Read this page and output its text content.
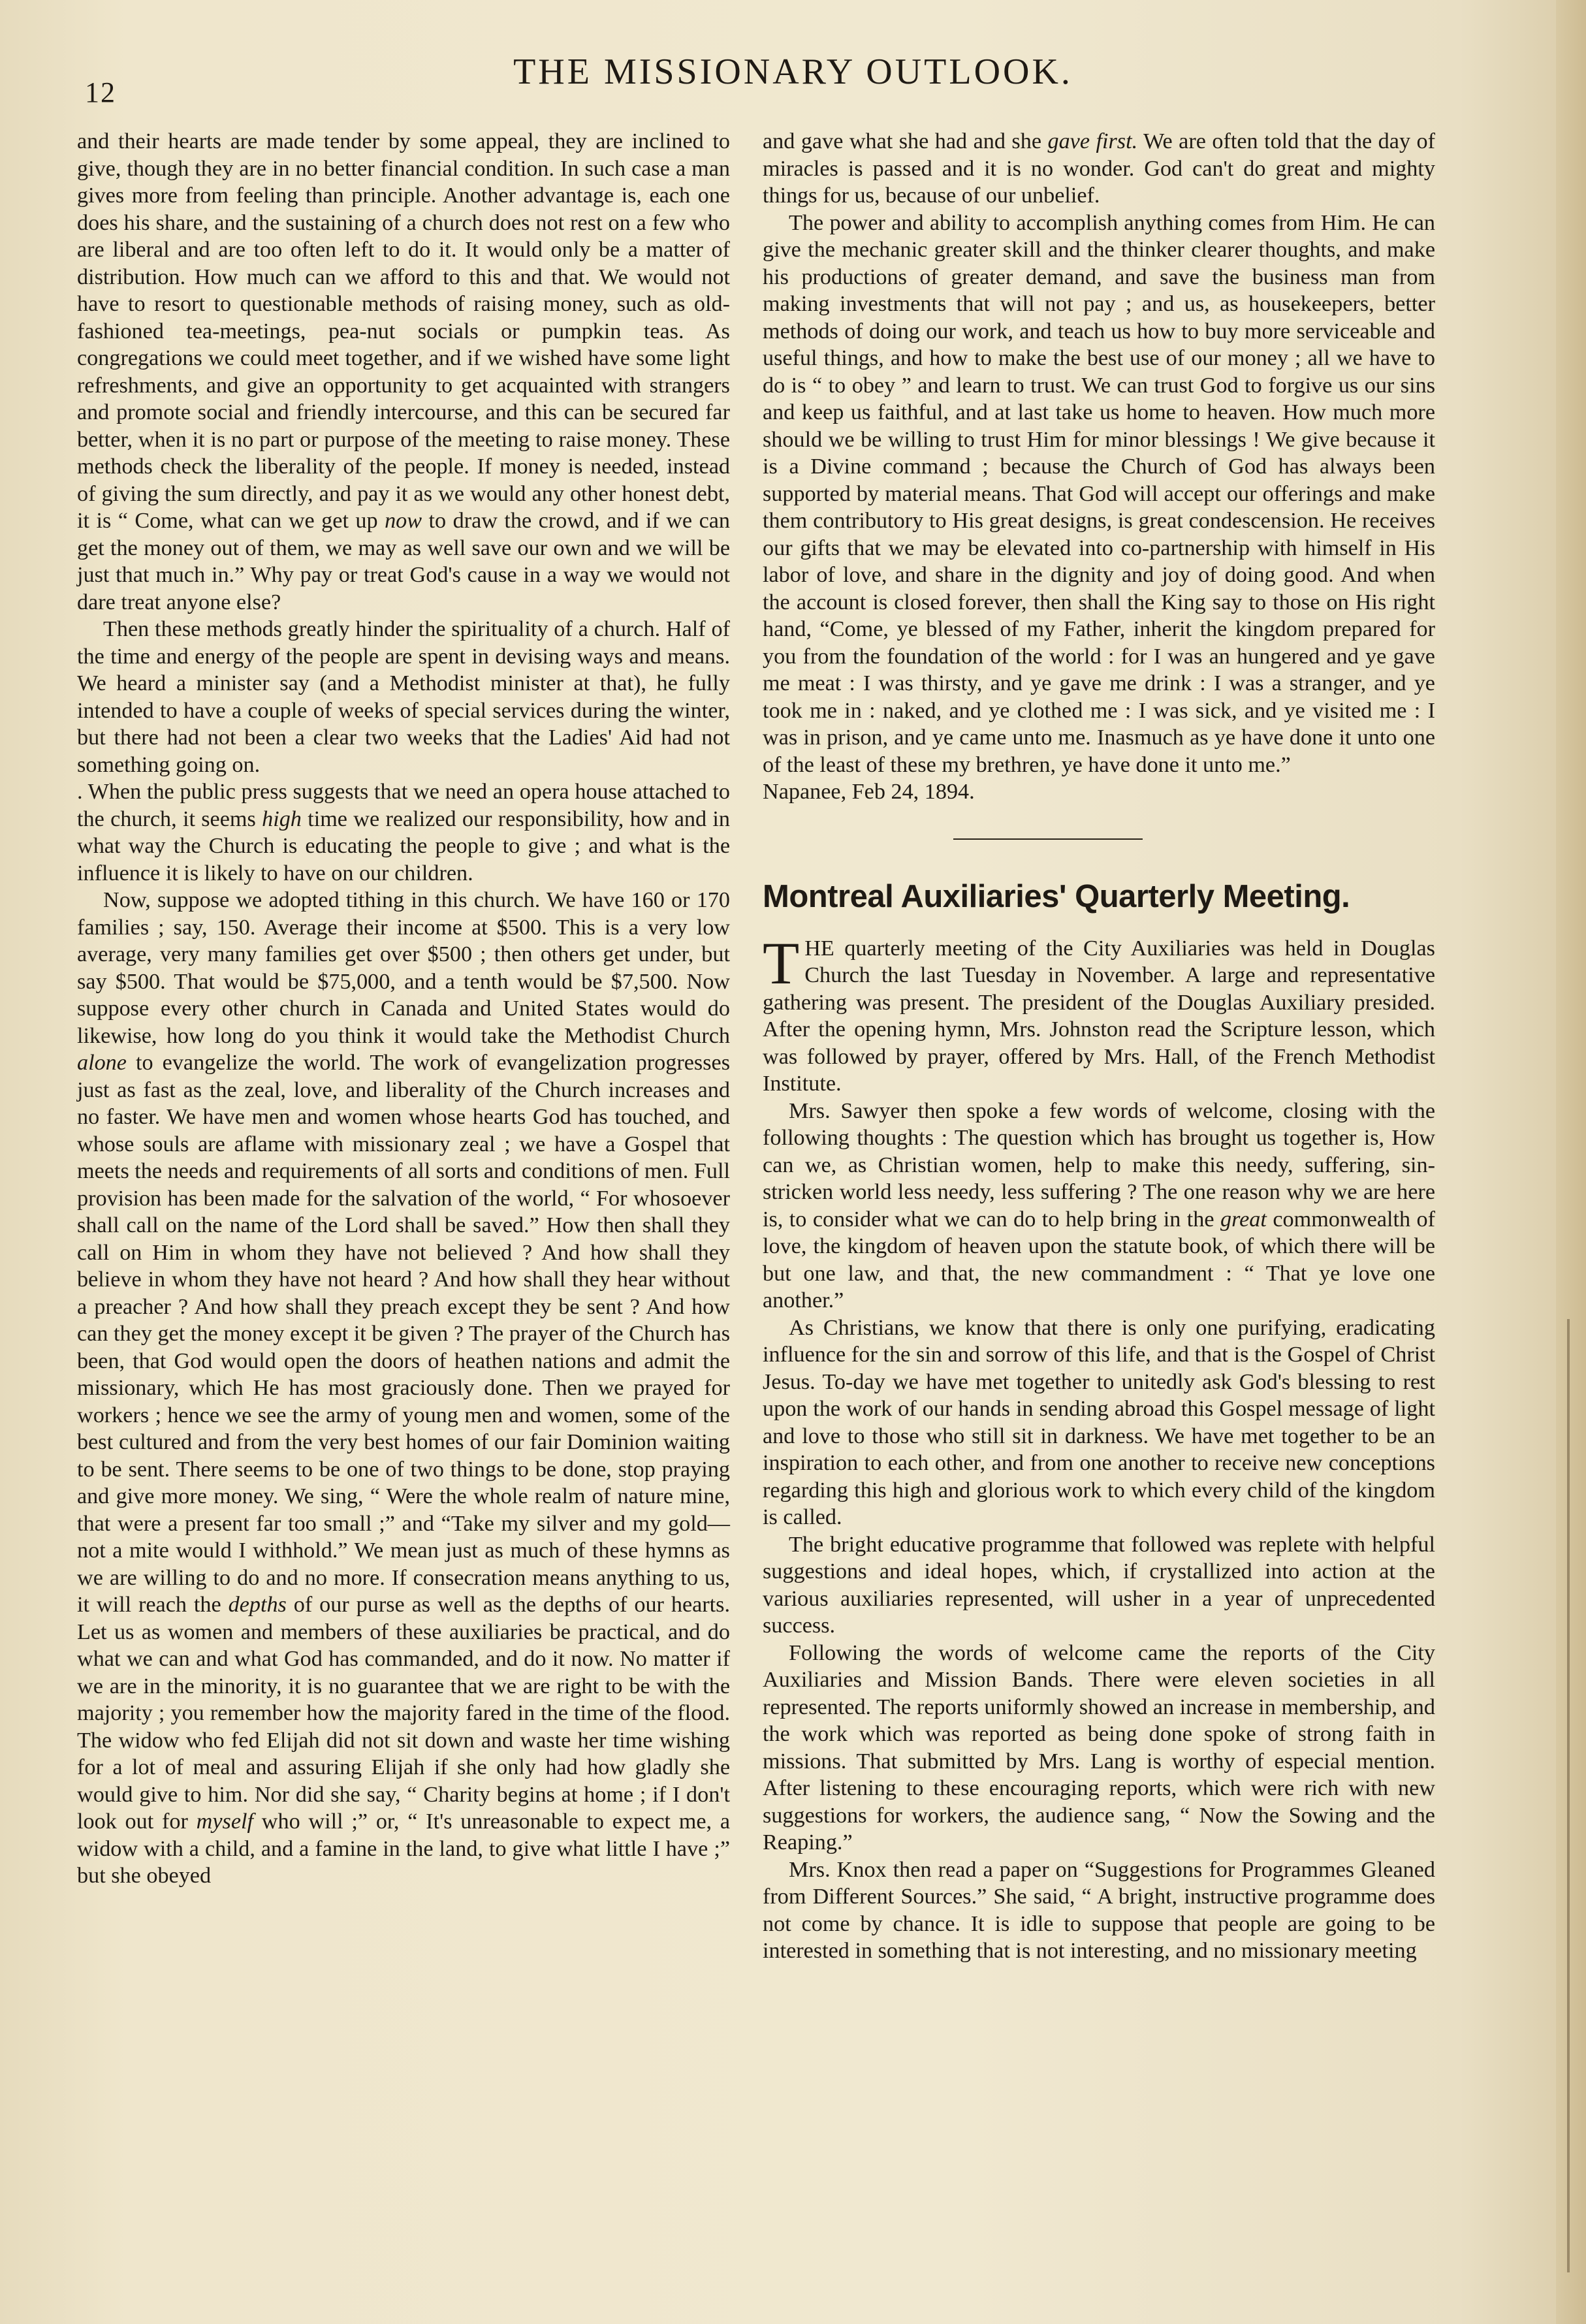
12
THE MISSIONARY OUTLOOK.

and their hearts are made tender by some appeal, they are inclined to give, though they are in no better financial condition. In such case a man gives more from feeling than principle. Another advantage is, each one does his share, and the sustaining of a church does not rest on a few who are liberal and are too often left to do it. It would only be a matter of distribution. How much can we afford to this and that. We would not have to resort to questionable methods of raising money, such as old-fashioned tea-meetings, pea-nut socials or pumpkin teas. As congregations we could meet together, and if we wished have some light refreshments, and give an opportunity to get acquainted with strangers and promote social and friendly intercourse, and this can be secured far better, when it is no part or purpose of the meeting to raise money. These methods check the liberality of the people. If money is needed, instead of giving the sum directly, and pay it as we would any other honest debt, it is “ Come, what can we get up now to draw the crowd, and if we can get the money out of them, we may as well save our own and we will be just that much in.” Why pay or treat God's cause in a way we would not dare treat anyone else?

Then these methods greatly hinder the spirituality of a church. Half of the time and energy of the people are spent in devising ways and means. We heard a minister say (and a Methodist minister at that), he fully intended to have a couple of weeks of special services during the winter, but there had not been a clear two weeks that the Ladies' Aid had not something going on.

. When the public press suggests that we need an opera house attached to the church, it seems high time we realized our responsibility, how and in what way the Church is educating the people to give ; and what is the influence it is likely to have on our children.

Now, suppose we adopted tithing in this church. We have 160 or 170 families ; say, 150. Average their income at $500. This is a very low average, very many families get over $500 ; then others get under, but say $500. That would be $75,000, and a tenth would be $7,500. Now suppose every other church in Canada and United States would do likewise, how long do you think it would take the Methodist Church alone to evangelize the world. The work of evangelization progresses just as fast as the zeal, love, and liberality of the Church increases and no faster. We have men and women whose hearts God has touched, and whose souls are aflame with missionary zeal ; we have a Gospel that meets the needs and requirements of all sorts and conditions of men. Full provision has been made for the salvation of the world, “ For whosoever shall call on the name of the Lord shall be saved.” How then shall they call on Him in whom they have not believed ? And how shall they believe in whom they have not heard ? And how shall they hear without a preacher ? And how shall they preach except they be sent ? And how can they get the money except it be given ? The prayer of the Church has been, that God would open the doors of heathen nations and admit the missionary, which He has most graciously done. Then we prayed for workers ; hence we see the army of young men and women, some of the best cultured and from the very best homes of our fair Dominion waiting to be sent. There seems to be one of two things to be done, stop praying and give more money. We sing, “ Were the whole realm of nature mine, that were a present far too small ;” and “Take my silver and my gold—not a mite would I withhold.” We mean just as much of these hymns as we are willing to do and no more. If consecration means anything to us, it will reach the depths of our purse as well as the depths of our hearts. Let us as women and members of these auxiliaries be practical, and do what we can and what God has commanded, and do it now. No matter if we are in the minority, it is no guarantee that we are right to be with the majority ; you remember how the majority fared in the time of the flood. The widow who fed Elijah did not sit down and waste her time wishing for a lot of meal and assuring Elijah if she only had how gladly she would give to him. Nor did she say, “ Charity begins at home ; if I don't look out for myself who will ;” or, “ It's unreasonable to expect me, a widow with a child, and a famine in the land, to give what little I have ;” but she obeyed

and gave what she had and she gave first. We are often told that the day of miracles is passed and it is no wonder. God can't do great and mighty things for us, because of our unbelief.

The power and ability to accomplish anything comes from Him. He can give the mechanic greater skill and the thinker clearer thoughts, and make his productions of greater demand, and save the business man from making investments that will not pay ; and us, as housekeepers, better methods of doing our work, and teach us how to buy more serviceable and useful things, and how to make the best use of our money ; all we have to do is “ to obey ” and learn to trust. We can trust God to forgive us our sins and keep us faithful, and at last take us home to heaven. How much more should we be willing to trust Him for minor blessings ! We give because it is a Divine command ; because the Church of God has always been supported by material means. That God will accept our offerings and make them contributory to His great designs, is great condescension. He receives our gifts that we may be elevated into co-partnership with himself in His labor of love, and share in the dignity and joy of doing good. And when the account is closed forever, then shall the King say to those on His right hand, “Come, ye blessed of my Father, inherit the kingdom prepared for you from the foundation of the world : for I was an hungered and ye gave me meat : I was thirsty, and ye gave me drink : I was a stranger, and ye took me in : naked, and ye clothed me : I was sick, and ye visited me : I was in prison, and ye came unto me. Inasmuch as ye have done it unto one of the least of these my brethren, ye have done it unto me.”

Napanee, Feb 24, 1894.

Montreal Auxiliaries' Quarterly Meeting.

THE quarterly meeting of the City Auxiliaries was held in Douglas Church the last Tuesday in November. A large and representative gathering was present. The president of the Douglas Auxiliary presided. After the opening hymn, Mrs. Johnston read the Scripture lesson, which was followed by prayer, offered by Mrs. Hall, of the French Methodist Institute.

Mrs. Sawyer then spoke a few words of welcome, closing with the following thoughts : The question which has brought us together is, How can we, as Christian women, help to make this needy, suffering, sin-stricken world less needy, less suffering ? The one reason why we are here is, to consider what we can do to help bring in the great commonwealth of love, the kingdom of heaven upon the statute book, of which there will be but one law, and that, the new commandment : “ That ye love one another.”

As Christians, we know that there is only one purifying, eradicating influence for the sin and sorrow of this life, and that is the Gospel of Christ Jesus. To-day we have met together to unitedly ask God's blessing to rest upon the work of our hands in sending abroad this Gospel message of light and love to those who still sit in darkness. We have met together to be an inspiration to each other, and from one another to receive new conceptions regarding this high and glorious work to which every child of the kingdom is called.

The bright educative programme that followed was replete with helpful suggestions and ideal hopes, which, if crystallized into action at the various auxiliaries represented, will usher in a year of unprecedented success.

Following the words of welcome came the reports of the City Auxiliaries and Mission Bands. There were eleven societies in all represented. The reports uniformly showed an increase in membership, and the work which was reported as being done spoke of strong faith in missions. That submitted by Mrs. Lang is worthy of especial mention. After listening to these encouraging reports, which were rich with new suggestions for workers, the audience sang, “ Now the Sowing and the Reaping.”

Mrs. Knox then read a paper on “Suggestions for Programmes Gleaned from Different Sources.” She said, “ A bright, instructive programme does not come by chance. It is idle to suppose that people are going to be interested in something that is not interesting, and no missionary meeting
